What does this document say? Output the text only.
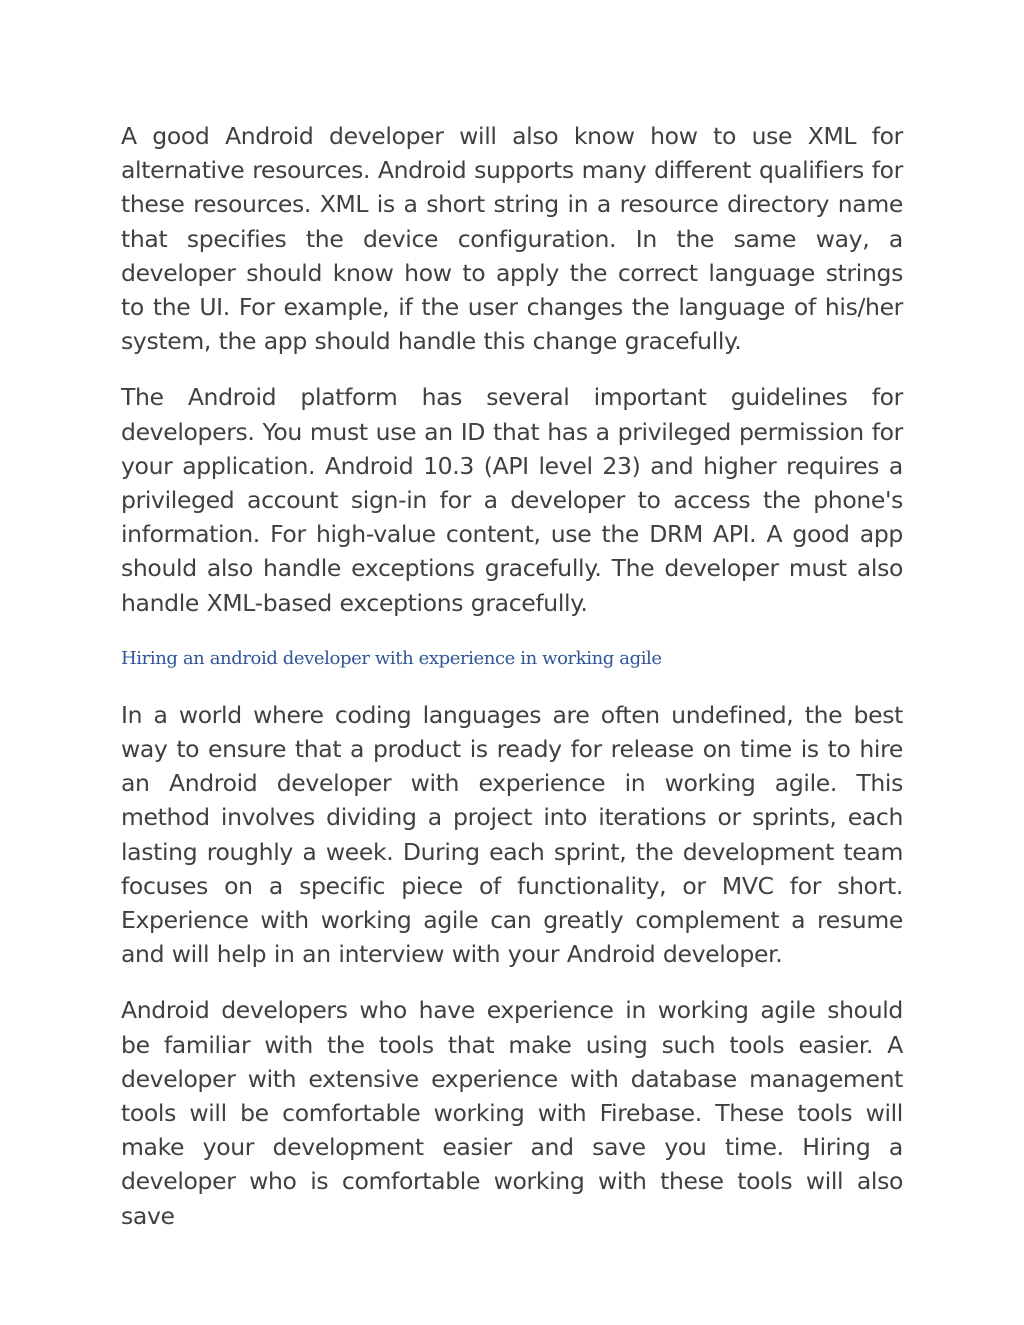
A good Android developer will also know how to use XML for alternative resources. Android supports many different qualifiers for these resources. XML is a short string in a resource directory name that specifies the device configuration. In the same way, a developer should know how to apply the correct language strings to the UI. For example, if the user changes the language of his/her system, the app should handle this change gracefully.

The Android platform has several important guidelines for developers. You must use an ID that has a privileged permission for your application. Android 10.3 (API level 23) and higher requires a privileged account sign-in for a developer to access the phone's information. For high-value content, use the DRM API. A good app should also handle exceptions gracefully. The developer must also handle XML-based exceptions gracefully.

Hiring an android developer with experience in working agile

In a world where coding languages are often undefined, the best way to ensure that a product is ready for release on time is to hire an Android developer with experience in working agile. This method involves dividing a project into iterations or sprints, each lasting roughly a week. During each sprint, the development team focuses on a specific piece of functionality, or MVC for short. Experience with working agile can greatly complement a resume and will help in an interview with your Android developer.

Android developers who have experience in working agile should be familiar with the tools that make using such tools easier. A developer with extensive experience with database management tools will be comfortable working with Firebase. These tools will make your development easier and save you time. Hiring a developer who is comfortable working with these tools will also save
